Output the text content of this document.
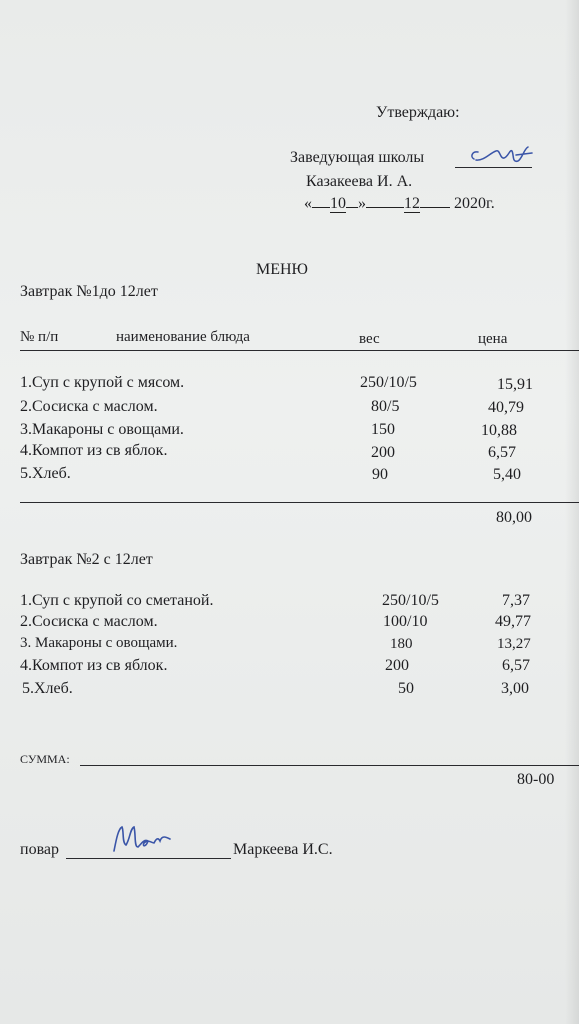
Утверждаю:
Заведующая школы
Казакеева И. А.
« 10 » 12 2020г.
МЕНЮ
Завтрак №1до 12лет
№ п/п	наименование блюда	вес	цена
1.Суп с крупой с мясом.	250/10/5	15,91
2.Сосиска с маслом.	80/5	40,79
3.Макароны с овощами.	150	10,88
4.Компот из св яблок.	200	6,57
5.Хлеб.	90	5,40
80,00
Завтрак №2 с 12лет
1.Суп с крупой со сметаной.	250/10/5	7,37
2.Сосиска с маслом.	100/10	49,77
3. Макароны с овощами.	180	13,27
4.Компот из св яблок.	200	6,57
5.Хлеб.	50	3,00
СУММА:
80-00
повар	Маркеева И.С.
